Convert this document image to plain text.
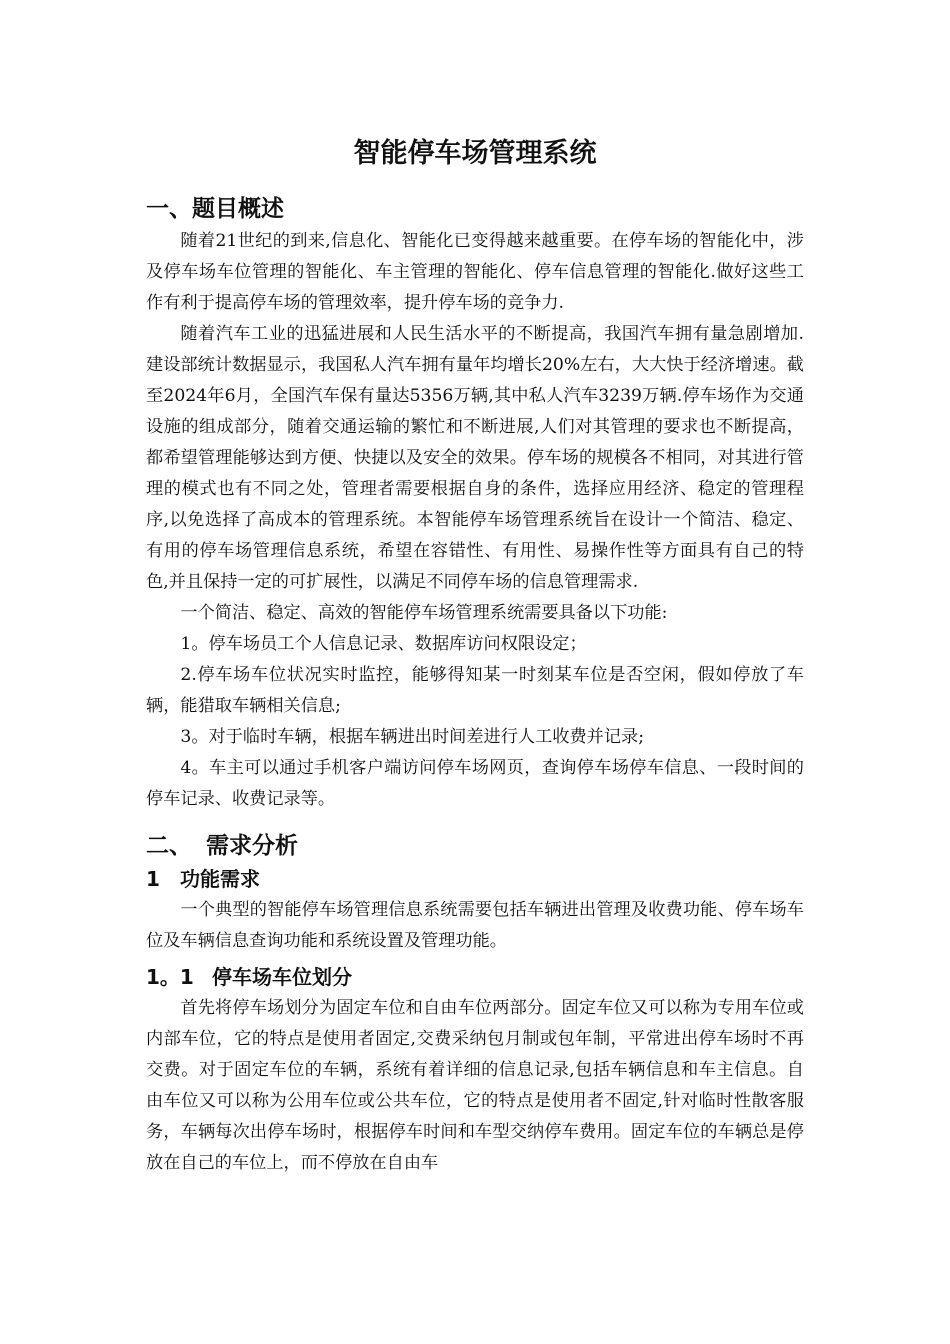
智能停车场管理系统
一、题目概述

随着21世纪的到来,信息化、智能化已变得越来越重要。在停车场的智能化中，涉及停车场车位管理的智能化、车主管理的智能化、停车信息管理的智能化.做好这些工作有利于提高停车场的管理效率，提升停车场的竞争力.

随着汽车工业的迅猛进展和人民生活水平的不断提高，我国汽车拥有量急剧增加.建设部统计数据显示，我国私人汽车拥有量年均增长20%左右，大大快于经济增速。截至2024年6月，全国汽车保有量达5356万辆,其中私人汽车3239万辆.停车场作为交通设施的组成部分，随着交通运输的繁忙和不断进展,人们对其管理的要求也不断提高，都希望管理能够达到方便、快捷以及安全的效果。停车场的规模各不相同，对其进行管理的模式也有不同之处，管理者需要根据自身的条件，选择应用经济、稳定的管理程序,以免选择了高成本的管理系统。本智能停车场管理系统旨在设计一个简洁、稳定、有用的停车场管理信息系统，希望在容错性、有用性、易操作性等方面具有自己的特色,并且保持一定的可扩展性，以满足不同停车场的信息管理需求.

一个简洁、稳定、高效的智能停车场管理系统需要具备以下功能:

1。停车场员工个人信息记录、数据库访问权限设定；

2.停车场车位状况实时监控，能够得知某一时刻某车位是否空闲，假如停放了车辆，能猎取车辆相关信息;

3。对于临时车辆，根据车辆进出时间差进行人工收费并记录;

4。车主可以通过手机客户端访问停车场网页，查询停车场停车信息、一段时间的停车记录、收费记录等。

二、 需求分析
1 功能需求

一个典型的智能停车场管理信息系统需要包括车辆进出管理及收费功能、停车场车位及车辆信息查询功能和系统设置及管理功能。

1。1 停车场车位划分

首先将停车场划分为固定车位和自由车位两部分。固定车位又可以称为专用车位或内部车位，它的特点是使用者固定,交费采纳包月制或包年制，平常进出停车场时不再交费。对于固定车位的车辆，系统有着详细的信息记录,包括车辆信息和车主信息。自由车位又可以称为公用车位或公共车位，它的特点是使用者不固定,针对临时性散客服务，车辆每次出停车场时，根据停车时间和车型交纳停车费用。固定车位的车辆总是停放在自己的车位上，而不停放在自由车
